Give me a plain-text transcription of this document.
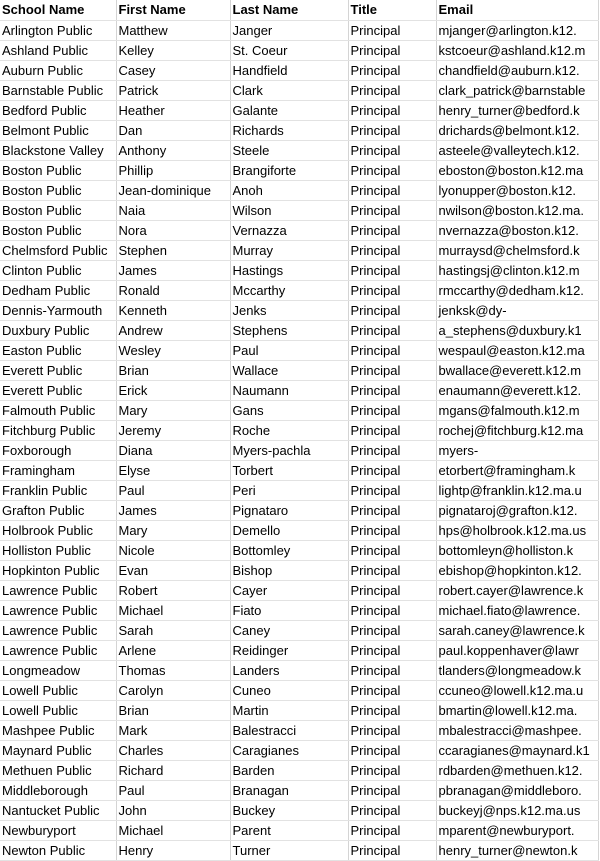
School Name	First Name	Last Name	Title	Email
Arlington Public	Matthew	Janger	Principal	mjanger@arlington.k12.
Ashland Public	Kelley	St. Coeur	Principal	kstcoeur@ashland.k12.m
Auburn Public	Casey	Handfield	Principal	chandfield@auburn.k12.
Barnstable Public	Patrick	Clark	Principal	clark_patrick@barnstable
Bedford Public	Heather	Galante	Principal	henry_turner@bedford.k
Belmont Public	Dan	Richards	Principal	drichards@belmont.k12.
Blackstone Valley	Anthony	Steele	Principal	asteele@valleytech.k12.
Boston Public	Phillip	Brangiforte	Principal	eboston@boston.k12.ma
Boston Public	Jean-dominique	Anoh	Principal	lyonupper@boston.k12.
Boston Public	Naia	Wilson	Principal	nwilson@boston.k12.ma.
Boston Public	Nora	Vernazza	Principal	nvernazza@boston.k12.
Chelmsford Public	Stephen	Murray	Principal	murraysd@chelmsford.k
Clinton Public	James	Hastings	Principal	hastingsj@clinton.k12.m
Dedham Public	Ronald	Mccarthy	Principal	rmccarthy@dedham.k12.
Dennis-Yarmouth	Kenneth	Jenks	Principal	jenksk@dy-
Duxbury Public	Andrew	Stephens	Principal	a_stephens@duxbury.k1
Easton Public	Wesley	Paul	Principal	wespaul@easton.k12.ma
Everett Public	Brian	Wallace	Principal	bwallace@everett.k12.m
Everett Public	Erick	Naumann	Principal	enaumann@everett.k12.
Falmouth Public	Mary	Gans	Principal	mgans@falmouth.k12.m
Fitchburg Public	Jeremy	Roche	Principal	rochej@fitchburg.k12.ma
Foxborough	Diana	Myers-pachla	Principal	myers-
Framingham	Elyse	Torbert	Principal	etorbert@framingham.k
Franklin Public	Paul	Peri	Principal	lightp@franklin.k12.ma.u
Grafton Public	James	Pignataro	Principal	pignataroj@grafton.k12.
Holbrook Public	Mary	Demello	Principal	hps@holbrook.k12.ma.us
Holliston Public	Nicole	Bottomley	Principal	bottomleyn@holliston.k
Hopkinton Public	Evan	Bishop	Principal	ebishop@hopkinton.k12.
Lawrence Public	Robert	Cayer	Principal	robert.cayer@lawrence.k
Lawrence Public	Michael	Fiato	Principal	michael.fiato@lawrence.
Lawrence Public	Sarah	Caney	Principal	sarah.caney@lawrence.k
Lawrence Public	Arlene	Reidinger	Principal	paul.koppenhaver@lawr
Longmeadow	Thomas	Landers	Principal	tlanders@longmeadow.k
Lowell Public	Carolyn	Cuneo	Principal	ccuneo@lowell.k12.ma.u
Lowell Public	Brian	Martin	Principal	bmartin@lowell.k12.ma.
Mashpee Public	Mark	Balestracci	Principal	mbalestracci@mashpee.
Maynard Public	Charles	Caragianes	Principal	ccaragianes@maynard.k1
Methuen Public	Richard	Barden	Principal	rdbarden@methuen.k12.
Middleborough	Paul	Branagan	Principal	pbranagan@middleboro.
Nantucket Public	John	Buckey	Principal	buckeyj@nps.k12.ma.us
Newburyport	Michael	Parent	Principal	mparent@newburyport.
Newton Public	Henry	Turner	Principal	henry_turner@newton.k
